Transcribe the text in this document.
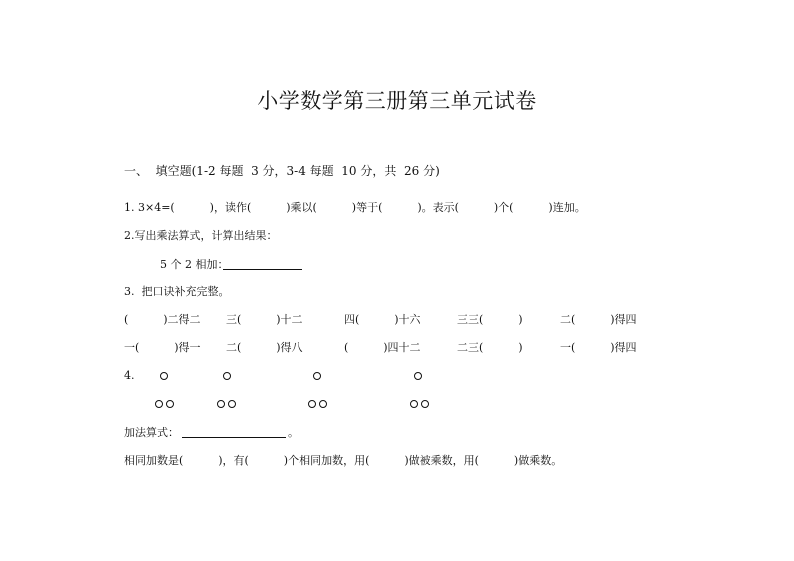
小学数学第三册第三单元试卷
一、  填空题(1-2 每题  3 分，3-4 每题  10 分，共  26 分)
1. 3×4=(          )，读作(          )乘以(          )等于(          )。表示(          )个(          )连加。
2.写出乘法算式，计算出结果：
5 个 2 相加：
3.  把口诀补充完整。
(          )二得二 三(          )十二	四(          )十六	三三(          )	二(          )得四
一(          )得一 二(          )得八	(          )四十二	二三(          )	一(          )得四
4.
加法算式：	。
相同加数是(          )，有(          )个相同加数，用(          )做被乘数，用(          )做乘数。
